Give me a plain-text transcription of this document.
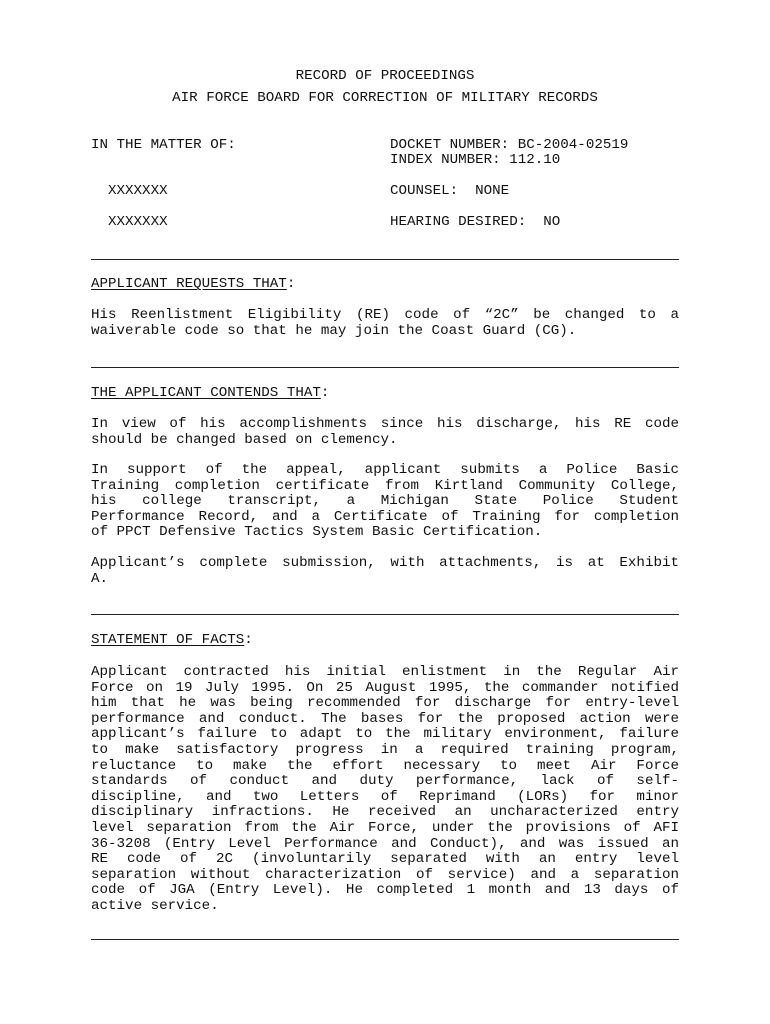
RECORD OF PROCEEDINGS
AIR FORCE BOARD FOR CORRECTION OF MILITARY RECORDS
IN THE MATTER OF:	DOCKET NUMBER: BC-2004-02519
INDEX NUMBER: 112.10
XXXXXXX	COUNSEL:  NONE
XXXXXXX	HEARING DESIRED:  NO
APPLICANT REQUESTS THAT:
His Reenlistment Eligibility (RE) code of “2C” be changed to a
waiverable code so that he may join the Coast Guard (CG).
THE APPLICANT CONTENDS THAT:
In view of his accomplishments since his discharge, his RE code
should be changed based on clemency.
In support of the appeal, applicant submits a Police Basic
Training completion certificate from Kirtland Community College,
his college transcript, a Michigan State Police Student
Performance Record, and a Certificate of Training for completion
of PPCT Defensive Tactics System Basic Certification.
Applicant’s complete submission, with attachments, is at Exhibit
A.
STATEMENT OF FACTS:
Applicant contracted his initial enlistment in the Regular Air
Force on 19 July 1995. On 25 August 1995, the commander notified
him that he was being recommended for discharge for entry-level
performance and conduct. The bases for the proposed action were
applicant’s failure to adapt to the military environment, failure
to make satisfactory progress in a required training program,
reluctance to make the effort necessary to meet Air Force
standards of conduct and duty performance, lack of self-
discipline, and two Letters of Reprimand (LORs) for minor
disciplinary infractions. He received an uncharacterized entry
level separation from the Air Force, under the provisions of AFI
36-3208 (Entry Level Performance and Conduct), and was issued an
RE code of 2C (involuntarily separated with an entry level
separation without characterization of service) and a separation
code of JGA (Entry Level). He completed 1 month and 13 days of
active service.
